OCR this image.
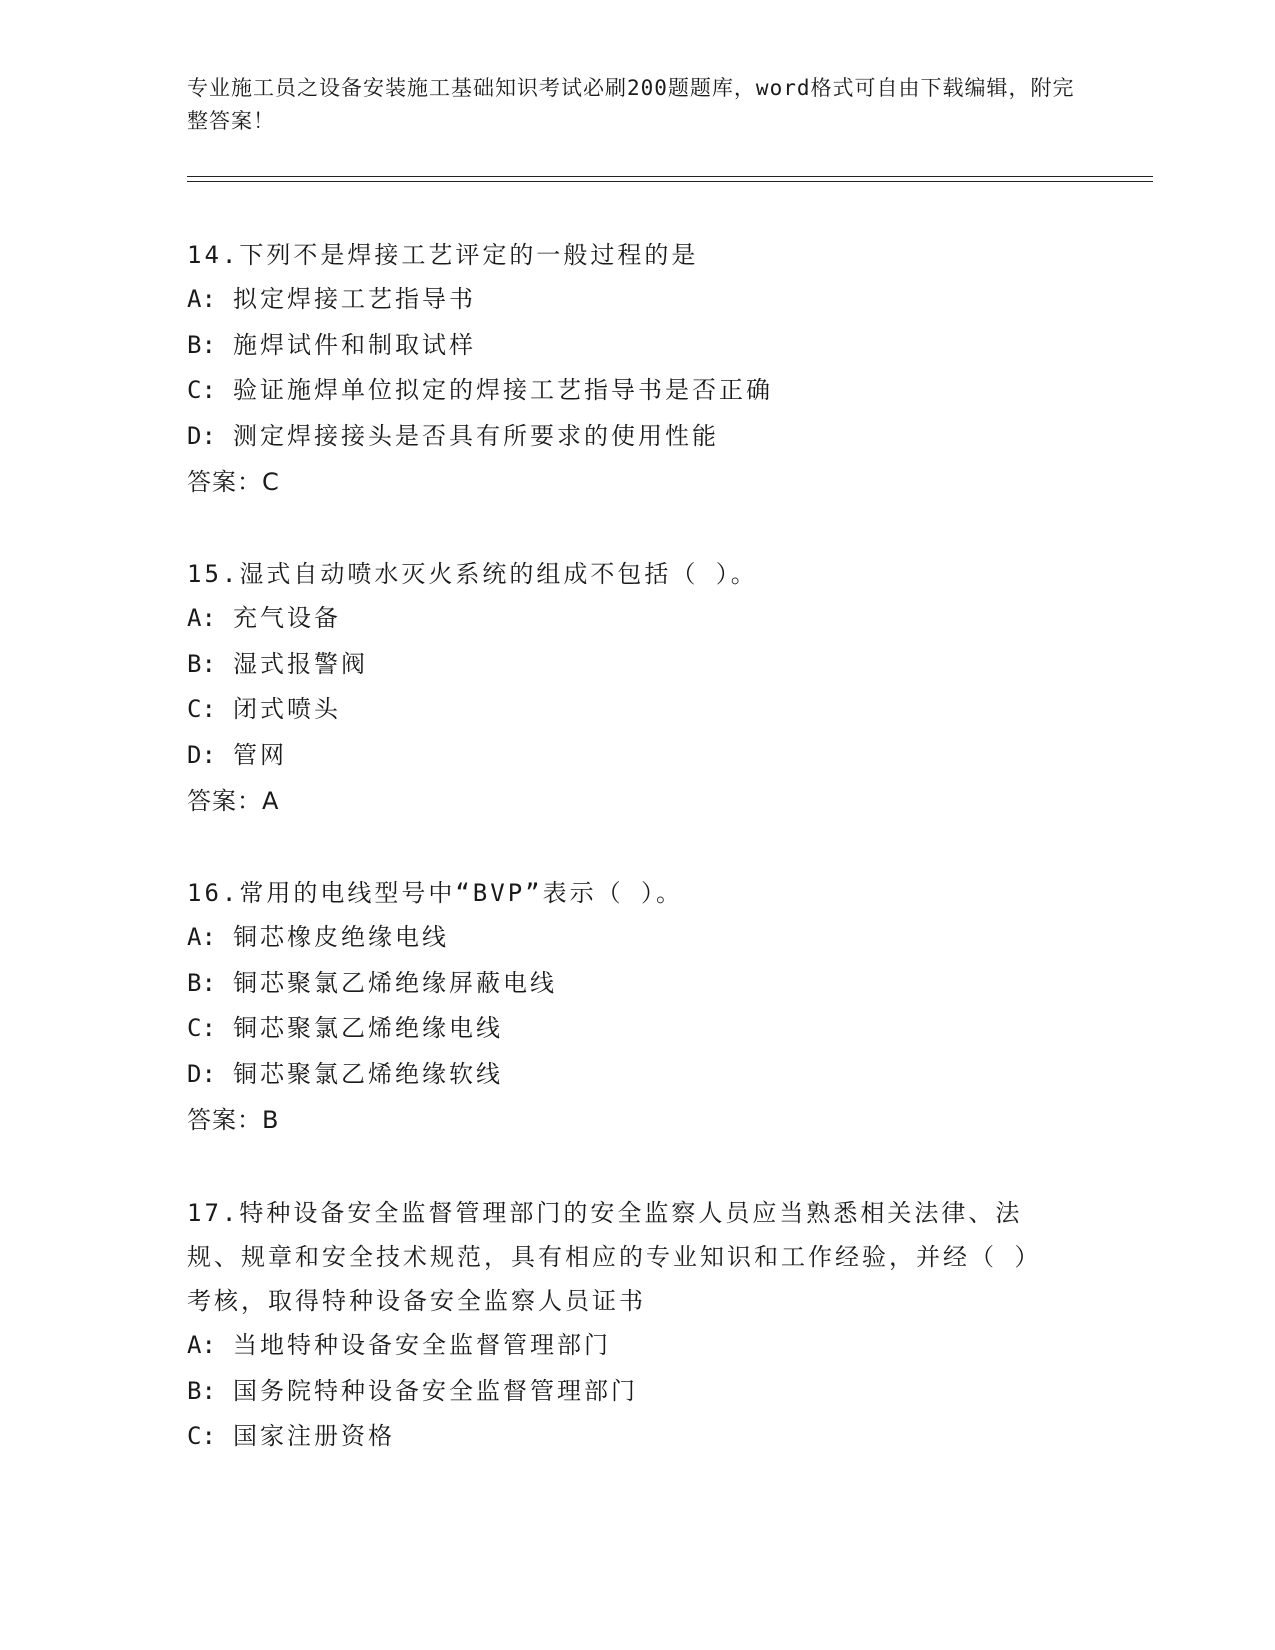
专业施工员之设备安装施工基础知识考试必刷200题题库，word格式可自由下载编辑，附完整答案！

14.下列不是焊接工艺评定的一般过程的是

A: 拟定焊接工艺指导书

B: 施焊试件和制取试样

C: 验证施焊单位拟定的焊接工艺指导书是否正确

D: 测定焊接接头是否具有所要求的使用性能

答案：C

15.湿式自动喷水灭火系统的组成不包括（ ）。

A: 充气设备

B: 湿式报警阀

C: 闭式喷头

D: 管网

答案：A

16.常用的电线型号中“BVP”表示（ ）。

A: 铜芯橡皮绝缘电线

B: 铜芯聚氯乙烯绝缘屏蔽电线

C: 铜芯聚氯乙烯绝缘电线

D: 铜芯聚氯乙烯绝缘软线

答案：B

17.特种设备安全监督管理部门的安全监察人员应当熟悉相关法律、法规、规章和安全技术规范，具有相应的专业知识和工作经验，并经（ ）考核，取得特种设备安全监察人员证书

A: 当地特种设备安全监督管理部门

B: 国务院特种设备安全监督管理部门

C: 国家注册资格
